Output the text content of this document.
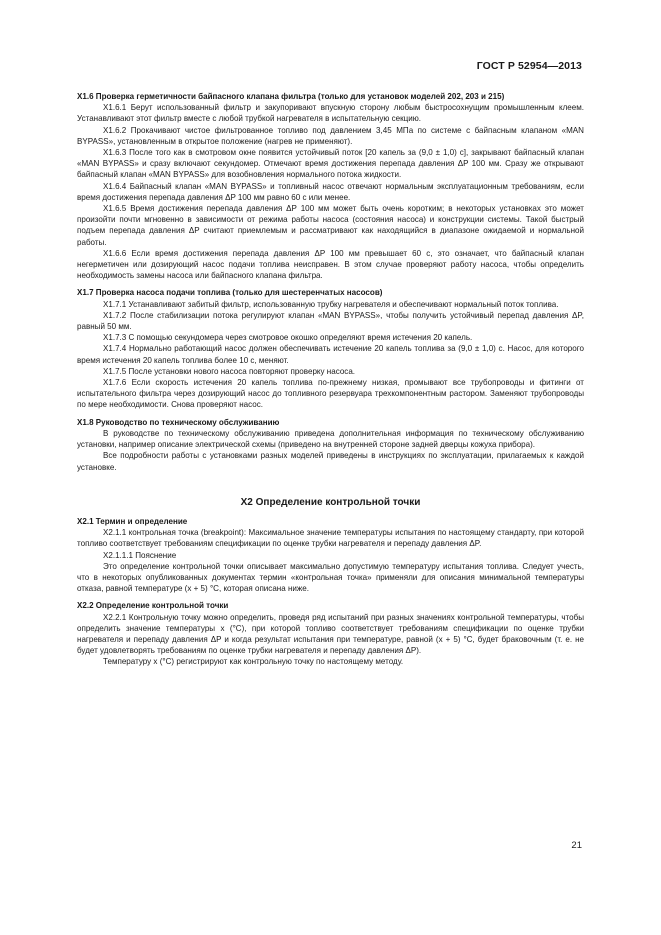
ГОСТ Р 52954—2013
X1.6 Проверка герметичности байпасного клапана фильтра (только для установок моделей 202, 203 и 215)

X1.6.1 Берут использованный фильтр и закупоривают впускную сторону любым быстросохнущим промышленным клеем. Устанавливают этот фильтр вместе с любой трубкой нагревателя в испытательную секцию.

X1.6.2 Прокачивают чистое фильтрованное топливо под давлением 3,45 МПа по системе с байпасным клапаном «MAN BYPASS», установленным в открытое положение (нагрев не применяют).

X1.6.3 После того как в смотровом окне появится устойчивый поток [20 капель за (9,0 ± 1,0) с], закрывают байпасный клапан «MAN BYPASS» и сразу включают секундомер. Отмечают время достижения перепада давления ΔP 100 мм. Сразу же открывают байпасный клапан «MAN BYPASS» для возобновления нормального потока жидкости.

X1.6.4 Байпасный клапан «MAN BYPASS» и топливный насос отвечают нормальным эксплуатационным требованиям, если время достижения перепада давления ΔP 100 мм равно 60 с или менее.

X1.6.5 Время достижения перепада давления ΔP 100 мм может быть очень коротким; в некоторых установках это может произойти почти мгновенно в зависимости от режима работы насоса (состояния насоса) и конструкции системы. Такой быстрый подъем перепада давления ΔP считают приемлемым и рассматривают как находящийся в диапазоне ожидаемой и нормальной работы.

X1.6.6 Если время достижения перепада давления ΔP 100 мм превышает 60 с, это означает, что байпасный клапан негерметичен или дозирующий насос подачи топлива неисправен. В этом случае проверяют работу насоса, чтобы определить необходимость замены насоса или байпасного клапана фильтра.

X1.7 Проверка насоса подачи топлива (только для шестеренчатых насосов)

X1.7.1 Устанавливают забитый фильтр, использованную трубку нагревателя и обеспечивают нормальный поток топлива.

X1.7.2 После стабилизации потока регулируют клапан «MAN BYPASS», чтобы получить устойчивый перепад давления ΔP, равный 50 мм.

X1.7.3 С помощью секундомера через смотровое окошко определяют время истечения 20 капель.

X1.7.4 Нормально работающий насос должен обеспечивать истечение 20 капель топлива за (9,0 ± 1,0) с. Насос, для которого время истечения 20 капель топлива более 10 с, меняют.

X1.7.5 После установки нового насоса повторяют проверку насоса.

X1.7.6 Если скорость истечения 20 капель топлива по-прежнему низкая, промывают все трубопроводы и фитинги от испытательного фильтра через дозирующий насос до топливного резервуара трехкомпонентным растором. Заменяют трубопроводы по мере необходимости. Снова проверяют насос.

X1.8 Руководство по техническому обслуживанию

В руководстве по техническому обслуживанию приведена дополнительная информация по техническому обслуживанию установки, например описание электрической схемы (приведено на внутренней стороне задней дверцы кожуха прибора).

Все подробности работы с установками разных моделей приведены в инструкциях по эксплуатации, прилагаемых к каждой установке.

X2 Определение контрольной точки
X2.1 Термин и определение

X2.1.1 контрольная точка (breakpoint): Максимальное значение температуры испытания по настоящему стандарту, при которой топливо соответствует требованиям спецификации по оценке трубки нагревателя и перепаду давления ΔP.

X2.1.1.1 Пояснение

Это определение контрольной точки описывает максимально допустимую температуру испытания топлива. Следует учесть, что в некоторых опубликованных документах термин «контрольная точка» применяли для описания минимальной температуры отказа, равной температуре (x + 5) °C, которая описана ниже.

X2.2 Определение контрольной точки

X2.2.1 Контрольную точку можно определить, проведя ряд испытаний при разных значениях контрольной температуры, чтобы определить значение температуры x (°C), при которой топливо соответствует требованиям спецификации по оценке трубки нагревателя и перепаду давления ΔP и когда результат испытания при температуре, равной (x + 5) °C, будет браковочным (т. е. не будет удовлетворять требованиям по оценке трубки нагревателя и перепаду давления ΔP).

Температуру x (°C) регистрируют как контрольную точку по настоящему методу.

21
